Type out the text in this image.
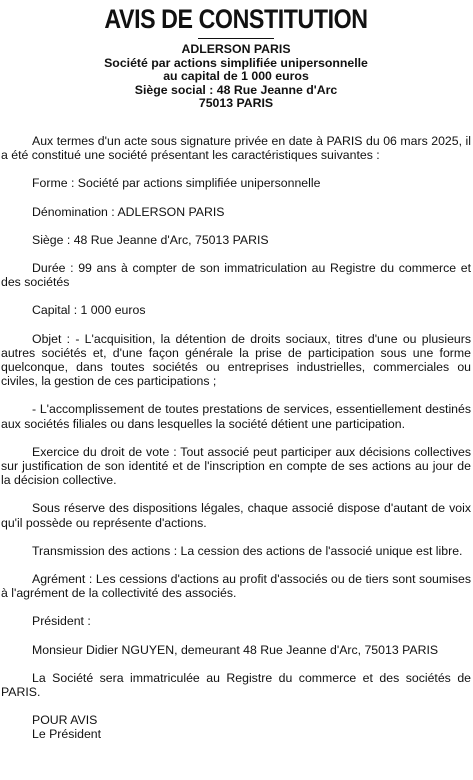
AVIS DE CONSTITUTION
ADLERSON PARIS
Société par actions simplifiée unipersonnelle
au capital de 1 000 euros
Siège social : 48 Rue Jeanne d'Arc
75013 PARIS

Aux termes d'un acte sous signature privée en date à PARIS du 06 mars 2025, il a été constitué une société présentant les caractéristiques suivantes :

Forme : Société par actions simplifiée unipersonnelle

Dénomination : ADLERSON PARIS

Siège : 48 Rue Jeanne d'Arc, 75013 PARIS

Durée : 99 ans à compter de son immatriculation au Registre du commerce et des sociétés

Capital : 1 000 euros

Objet : - L'acquisition, la détention de droits sociaux, titres d'une ou plusieurs autres sociétés et, d'une façon générale la prise de participation sous une forme quelconque, dans toutes sociétés ou entreprises industrielles, commerciales ou civiles, la gestion de ces participations ;

- L'accomplissement de toutes prestations de services, essentiellement destinés aux sociétés filiales ou dans lesquelles la société détient une participation.

Exercice du droit de vote : Tout associé peut participer aux décisions collectives sur justification de son identité et de l'inscription en compte de ses actions au jour de la décision collective.

Sous réserve des dispositions légales, chaque associé dispose d'autant de voix qu'il possède ou représente d'actions.

Transmission des actions : La cession des actions de l'associé unique est libre.

Agrément : Les cessions d'actions au profit d'associés ou de tiers sont soumises à l'agrément de la collectivité des associés.

Président :

Monsieur Didier NGUYEN, demeurant 48 Rue Jeanne d'Arc, 75013 PARIS

La Société sera immatriculée au Registre du commerce et des sociétés de PARIS.

POUR AVIS
Le Président
